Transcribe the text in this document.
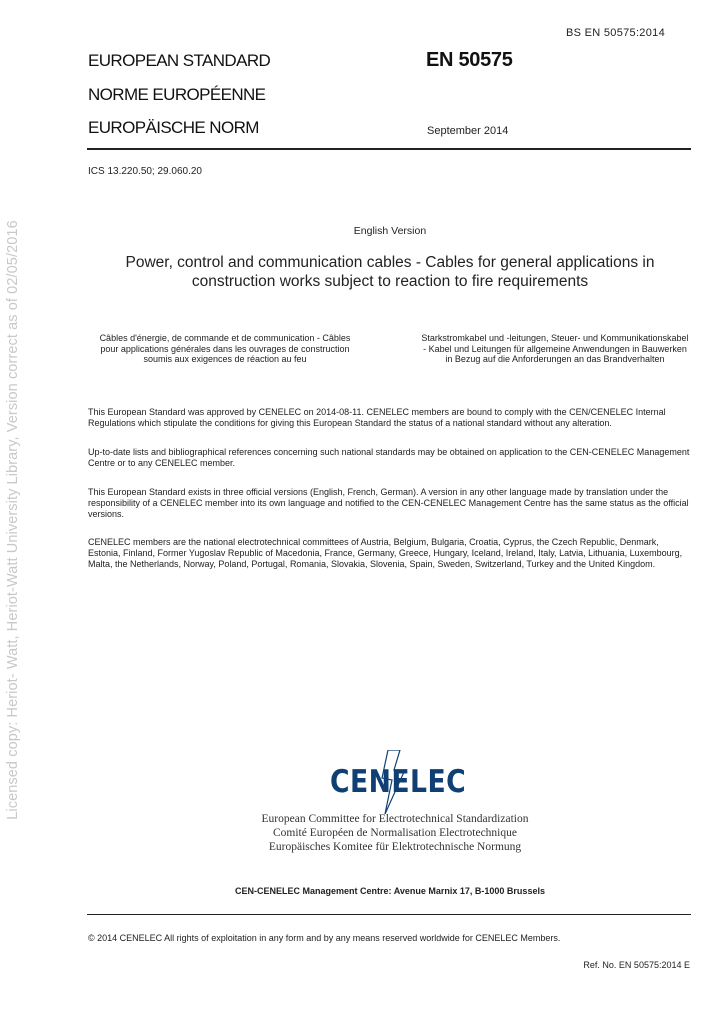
Licensed copy: Heriot- Watt, Heriot-Watt University Library, Version correct as of 02/05/2016
BS EN 50575:2014
EUROPEAN STANDARD
NORME EUROPÉENNE
EUROPÄISCHE NORM
EN 50575
September 2014
ICS 13.220.50; 29.060.20
English Version
Power, control and communication cables - Cables for general applications in construction works subject to reaction to fire requirements
Câbles d'énergie, de commande et de communication - Câbles pour applications générales dans les ouvrages de construction soumis aux exigences de réaction au feu
Starkstromkabel und -leitungen, Steuer- und Kommunikationskabel - Kabel und Leitungen für allgemeine Anwendungen in Bauwerken in Bezug auf die Anforderungen an das Brandverhalten
This European Standard was approved by CENELEC on 2014-08-11. CENELEC members are bound to comply with the CEN/CENELEC Internal Regulations which stipulate the conditions for giving this European Standard the status of a national standard without any alteration.
Up-to-date lists and bibliographical references concerning such national standards may be obtained on application to the CEN-CENELEC Management Centre or to any CENELEC member.
This European Standard exists in three official versions (English, French, German). A version in any other language made by translation under the responsibility of a CENELEC member into its own language and notified to the CEN-CENELEC Management Centre has the same status as the official versions.
CENELEC members are the national electrotechnical committees of Austria, Belgium, Bulgaria, Croatia, Cyprus, the Czech Republic, Denmark, Estonia, Finland, Former Yugoslav Republic of Macedonia, France, Germany, Greece, Hungary, Iceland, Ireland, Italy, Latvia, Lithuania, Luxembourg, Malta, the Netherlands, Norway, Poland, Portugal, Romania, Slovakia, Slovenia, Spain, Sweden, Switzerland, Turkey and the United Kingdom.
CENELEC
European Committee for Electrotechnical Standardization
Comité Européen de Normalisation Electrotechnique
Europäisches Komitee für Elektrotechnische Normung
CEN-CENELEC Management Centre: Avenue Marnix 17, B-1000 Brussels
© 2014 CENELEC All rights of exploitation in any form and by any means reserved worldwide for CENELEC Members.
Ref. No. EN 50575:2014 E
